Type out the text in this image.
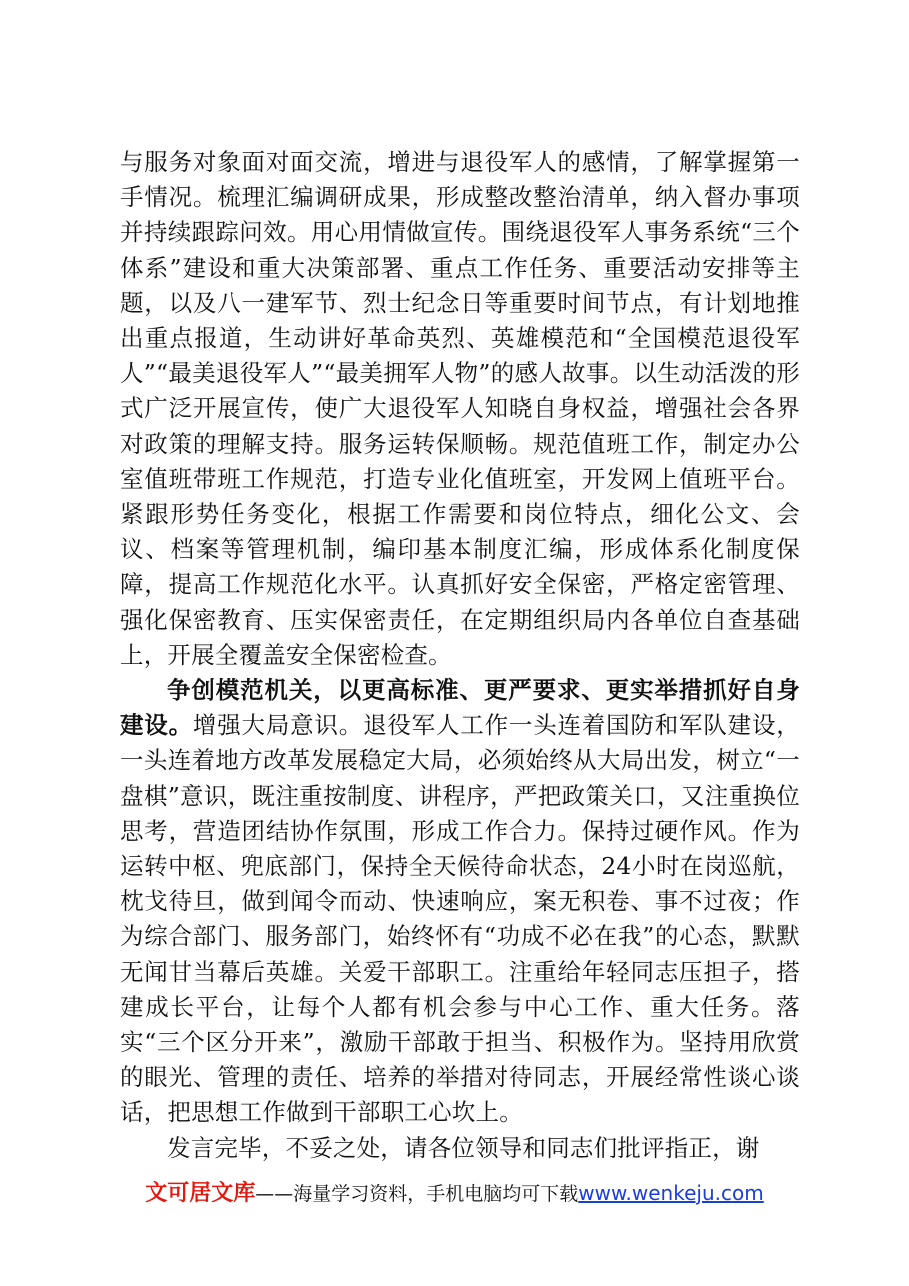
与服务对象面对面交流，增进与退役军人的感情，了解掌握第一手情况。梳理汇编调研成果，形成整改整治清单，纳入督办事项并持续跟踪问效。用心用情做宣传。围绕退役军人事务系统“三个体系”建设和重大决策部署、重点工作任务、重要活动安排等主题，以及八一建军节、烈士纪念日等重要时间节点，有计划地推出重点报道，生动讲好革命英烈、英雄模范和“全国模范退役军人”“最美退役军人”“最美拥军人物”的感人故事。以生动活泼的形式广泛开展宣传，使广大退役军人知晓自身权益，增强社会各界对政策的理解支持。服务运转保顺畅。规范值班工作，制定办公室值班带班工作规范，打造专业化值班室，开发网上值班平台。紧跟形势任务变化，根据工作需要和岗位特点，细化公文、会议、档案等管理机制，编印基本制度汇编，形成体系化制度保障，提高工作规范化水平。认真抓好安全保密，严格定密管理、强化保密教育、压实保密责任，在定期组织局内各单位自查基础上，开展全覆盖安全保密检查。

争创模范机关，以更高标准、更严要求、更实举措抓好自身建设。增强大局意识。退役军人工作一头连着国防和军队建设，一头连着地方改革发展稳定大局，必须始终从大局出发，树立“一盘棋”意识，既注重按制度、讲程序，严把政策关口，又注重换位思考，营造团结协作氛围，形成工作合力。保持过硬作风。作为运转中枢、兜底部门，保持全天候待命状态，24小时在岗巡航，枕戈待旦，做到闻令而动、快速响应，案无积卷、事不过夜；作为综合部门、服务部门，始终怀有“功成不必在我”的心态，默默无闻甘当幕后英雄。关爱干部职工。注重给年轻同志压担子，搭建成长平台，让每个人都有机会参与中心工作、重大任务。落实“三个区分开来”，激励干部敢于担当、积极作为。坚持用欣赏的眼光、管理的责任、培养的举措对待同志，开展经常性谈心谈话，把思想工作做到干部职工心坎上。

发言完毕，不妥之处，请各位领导和同志们批评指正，谢

文可居文库——海量学习资料，手机电脑均可下载www.wenkeju.com
